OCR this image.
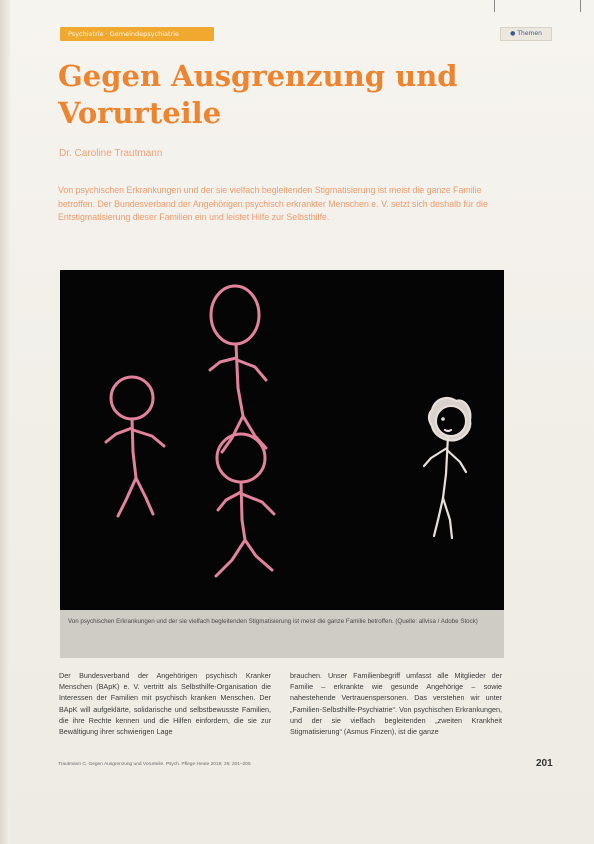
Psychiatrie · Gemeindepsychiatrie	● Themen
Gegen Ausgrenzung und Vorurteile
Dr. Caroline Trautmann

Von psychischen Erkrankungen und der sie vielfach begleitenden Stigmatisierung ist meist die ganze Familie betroffen. Der Bundesverband der Angehörigen psychisch erkrankter Menschen e. V. setzt sich deshalb für die Entstigmatisierung dieser Familien ein und leistet Hilfe zur Selbsthilfe.

Von psychischen Erkrankungen und der sie vielfach begleitenden Stigmatisierung ist meist die ganze Familie betroffen. (Quelle: allvisa / Adobe Stock)

Der Bundesverband der Angehörigen psychisch Kranker Menschen (BApK) e. V. vertritt als Selbsthilfe-Organisation die Interessen der Familien mit psychisch kranken Menschen. Der BApK will aufgeklärte, solidarische und selbstbewusste Familien, die ihre Rechte kennen und die Hilfen einfordern, die sie zur Bewältigung ihrer schwierigen Lage

brauchen. Unser Familienbegriff umfasst alle Mitglieder der Familie – erkrankte wie gesunde Angehörige – sowie nahestehende Vertrauenspersonen. Das verstehen wir unter „Familien-Selbsthilfe-Psychiatrie“. Von psychischen Erkrankungen, und der sie vielfach begleitenden „zweiten Krankheit Stigmatisierung“ (Asmus Finzen), ist die ganze

Trautmann C. Gegen Ausgrenzung und Vorurteile. Psych. Pflege Heute 2019; 25: 201–205	201
